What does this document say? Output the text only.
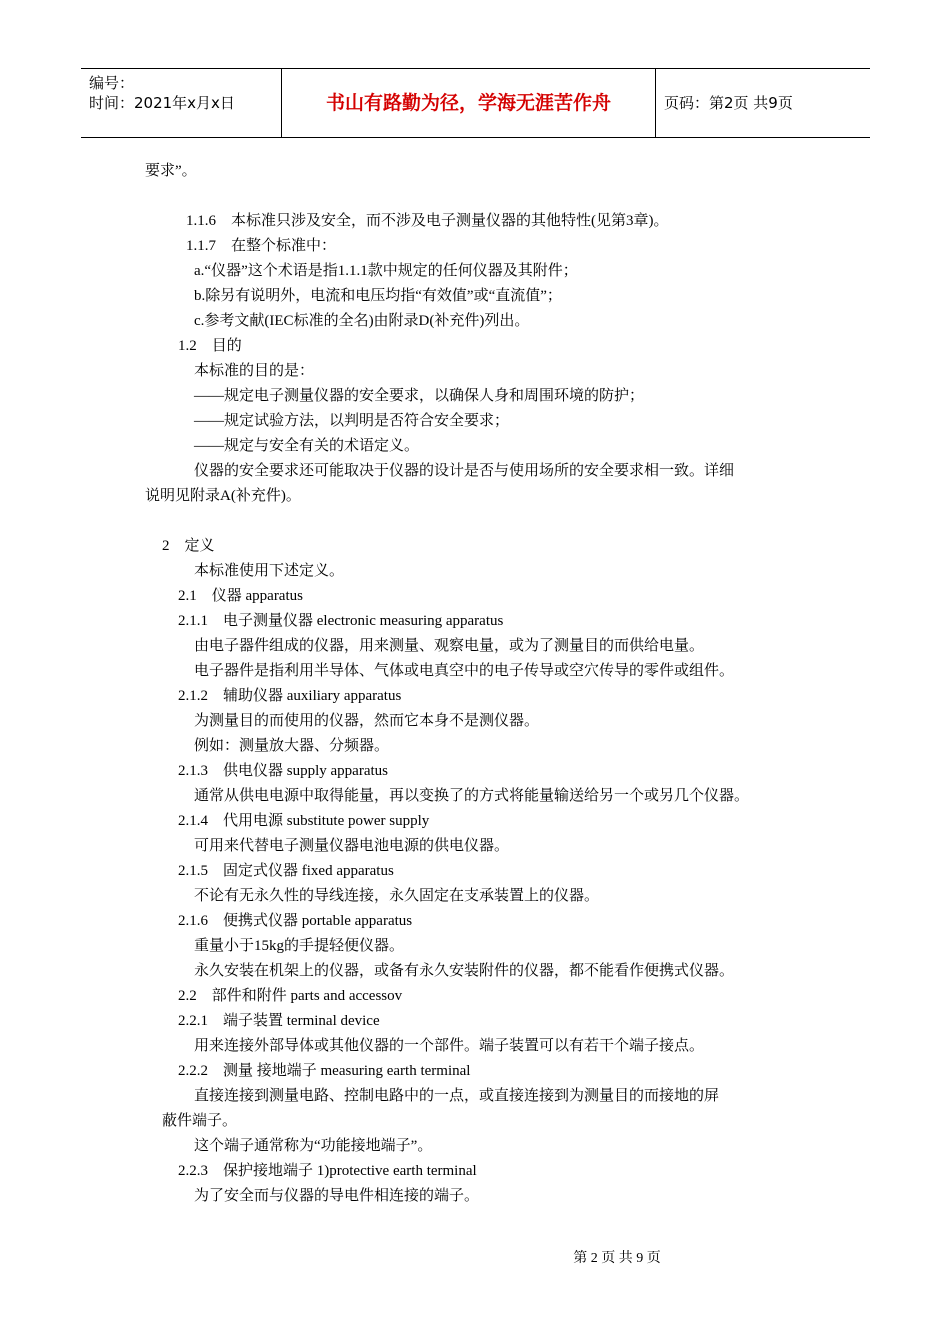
编号：
时间：2021年x月x日	书山有路勤为径，学海无涯苦作舟	页码：第2页 共9页
要求”。
1.1.6　本标准只涉及安全，而不涉及电子测量仪器的其他特性(见第3章)。
1.1.7　在整个标准中：
a.“仪器”这个术语是指1.1.1款中规定的任何仪器及其附件；
b.除另有说明外，电流和电压均指“有效值”或“直流值”；
c.参考文献(IEC标准的全名)由附录D(补充件)列出。
1.2　目的
本标准的目的是：
——规定电子测量仪器的安全要求，以确保人身和周围环境的防护；
——规定试验方法，以判明是否符合安全要求；
——规定与安全有关的术语定义。
仪器的安全要求还可能取决于仪器的设计是否与使用场所的安全要求相一致。详细
说明见附录A(补充件)。
2　定义
本标准使用下述定义。
2.1　仪器 apparatus
2.1.1　电子测量仪器 electronic measuring apparatus
由电子器件组成的仪器，用来测量、观察电量，或为了测量目的而供给电量。
电子器件是指利用半导体、气体或电真空中的电子传导或空穴传导的零件或组件。
2.1.2　辅助仪器 auxiliary apparatus
为测量目的而使用的仪器，然而它本身不是测仪器。
例如：测量放大器、分频器。
2.1.3　供电仪器 supply apparatus
通常从供电电源中取得能量，再以变换了的方式将能量输送给另一个或另几个仪器。
2.1.4　代用电源 substitute power supply
可用来代替电子测量仪器电池电源的供电仪器。
2.1.5　固定式仪器 fixed apparatus
不论有无永久性的导线连接，永久固定在支承装置上的仪器。
2.1.6　便携式仪器 portable apparatus
重量小于15kg的手提轻便仪器。
永久安装在机架上的仪器，或备有永久安装附件的仪器，都不能看作便携式仪器。
2.2　部件和附件 parts and accessov
2.2.1　端子装置 terminal device
用来连接外部导体或其他仪器的一个部件。端子装置可以有若干个端子接点。
2.2.2　测量 接地端子 measuring earth terminal
直接连接到测量电路、控制电路中的一点，或直接连接到为测量目的而接地的屏
蔽件端子。
这个端子通常称为“功能接地端子”。
2.2.3　保护接地端子 1)protective earth terminal
为了安全而与仪器的导电件相连接的端子。
第 2 页 共 9 页
